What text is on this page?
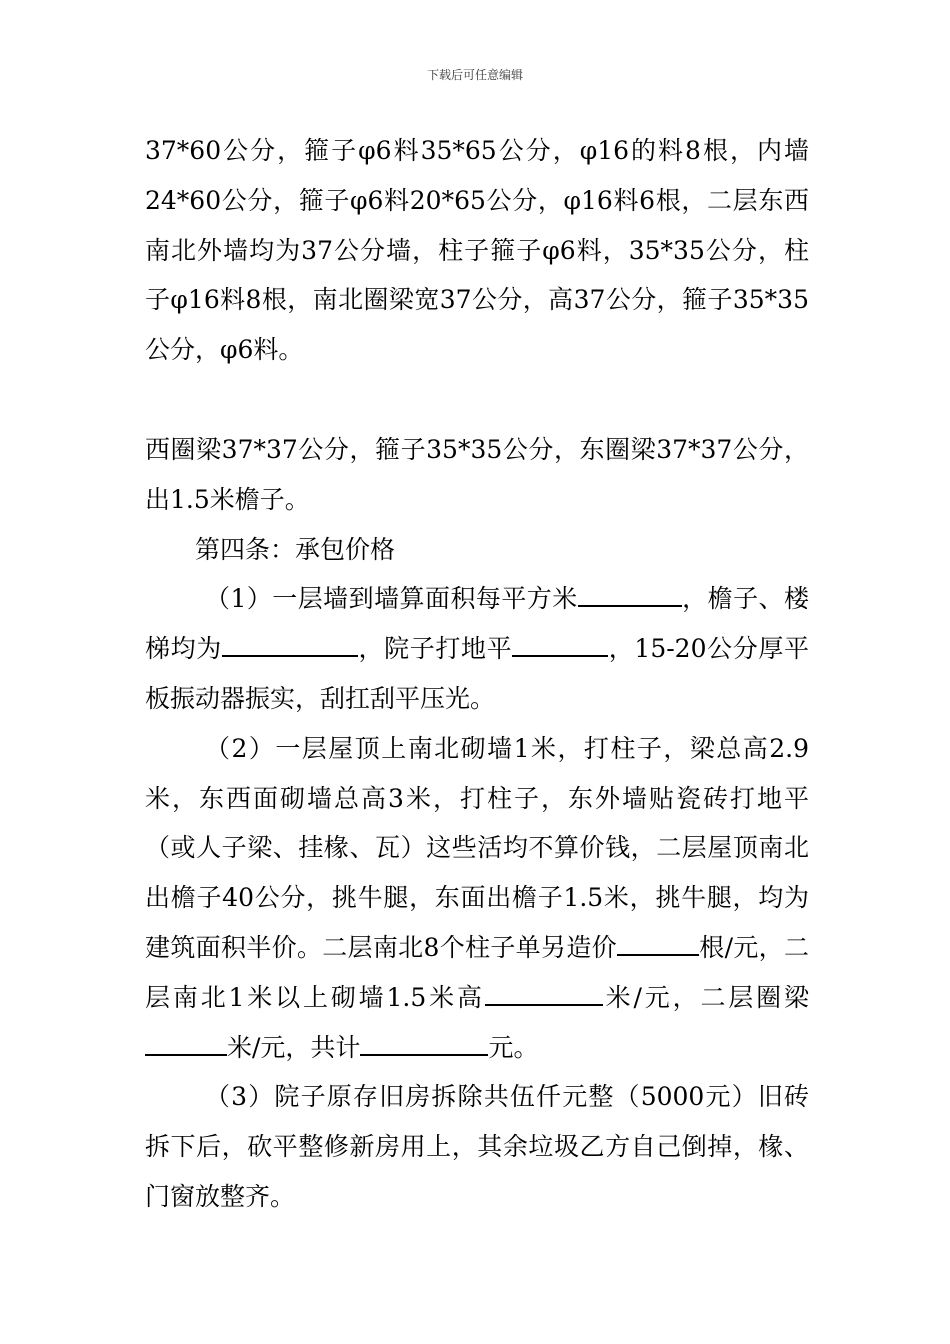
下载后可任意编辑

37*60公分，箍子φ6料35*65公分，φ16的料8根，内墙24*60公分，箍子φ6料20*65公分，φ16料6根，二层东西南北外墙均为37公分墙，柱子箍子φ6料，35*35公分，柱子φ16料8根，南北圈梁宽37公分，高37公分，箍子35*35公分，φ6料。

西圈梁37*37公分，箍子35*35公分，东圈梁37*37公分，出1.5米檐子。

第四条：承包价格

（1）一层墙到墙算面积每平方米	，檐子、楼梯均为	，院子打地平	，15-20公分厚平板振动器振实，刮扛刮平压光。

（2）一层屋顶上南北砌墙1米，打柱子，梁总高2.9米，东西面砌墙总高3米，打柱子，东外墙贴瓷砖打地平（或人子梁、挂椽、瓦）这些活均不算价钱，二层屋顶南北出檐子40公分，挑牛腿，东面出檐子1.5米，挑牛腿，均为建筑面积半价。二层南北8个柱子单另造价	根/元，二层南北1米以上砌墙1.5米高	米/元，二层圈梁米/元，共计	元。

（3）院子原存旧房拆除共伍仟元整（5000元）旧砖拆下后，砍平整修新房用上，其余垃圾乙方自己倒掉，椽、门窗放整齐。
